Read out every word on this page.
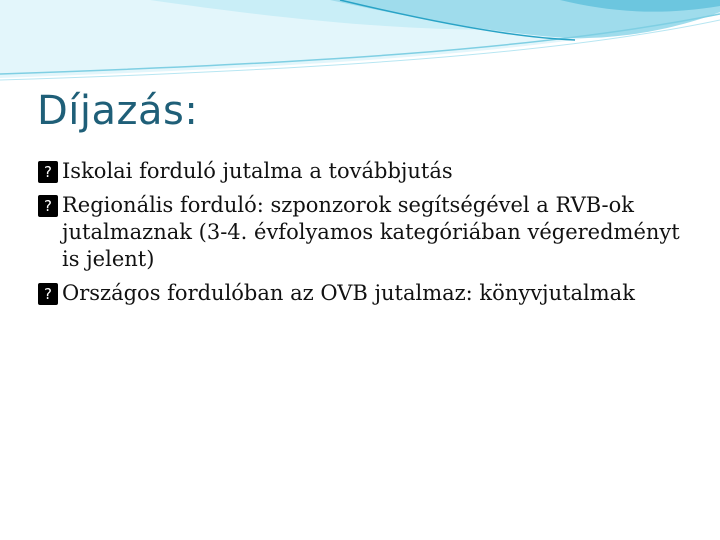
Díjazás:
? Iskolai forduló jutalma a továbbjutás
? Regionális forduló: szponzorok segítségével a RVB-ok jutalmaznak (3-4. évfolyamos kategóriában végeredményt is jelent)
? Országos fordulóban az OVB jutalmaz: könyvjutalmak
